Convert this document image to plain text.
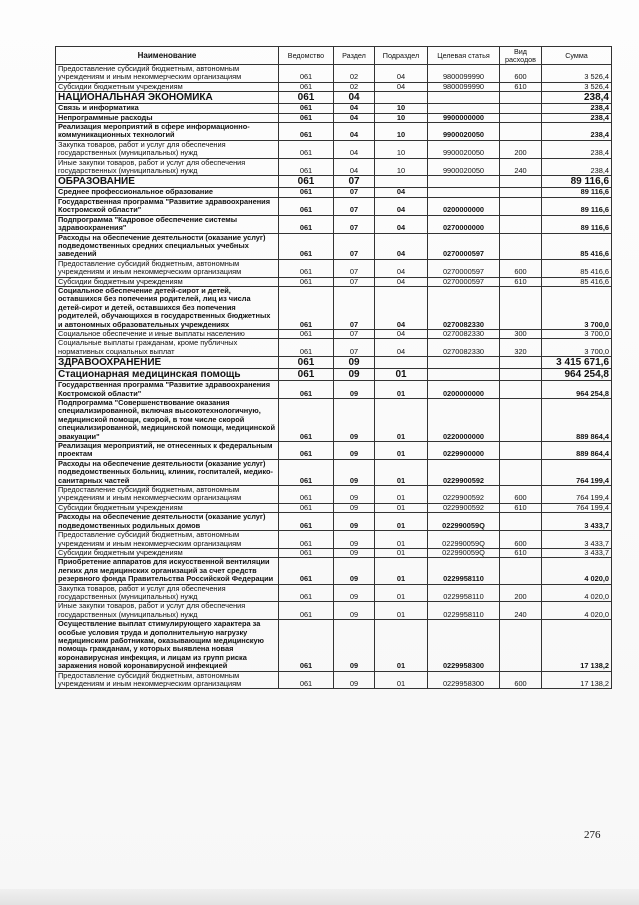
Наименование	Ведомство	Раздел	Подраздел	Целевая статья	Вид расходов	Сумма
Предоставление субсидий бюджетным, автономным учреждениям и иным некоммерческим организациям	061	02	04	9800099990	600	3 526,4
Субсидии бюджетным учреждениям	061	02	04	9800099990	610	3 526,4
НАЦИОНАЛЬНАЯ ЭКОНОМИКА	061	04				238,4
Связь и информатика	061	04	10			238,4
Непрограммные расходы	061	04	10	9900000000		238,4
Реализация мероприятий в сфере информационно-коммуникационных технологий	061	04	10	9900020050		238,4
Закупка товаров, работ и услуг для обеспечения государственных (муниципальных) нужд	061	04	10	9900020050	200	238,4
Иные закупки товаров, работ и услуг для обеспечения государственных (муниципальных) нужд	061	04	10	9900020050	240	238,4
ОБРАЗОВАНИЕ	061	07				89 116,6
Среднее профессиональное образование	061	07	04			89 116,6
Государственная программа "Развитие здравоохранения Костромской области"	061	07	04	0200000000		89 116,6
Подпрограмма "Кадровое обеспечение системы здравоохранения"	061	07	04	0270000000		89 116,6
Расходы на обеспечение деятельности (оказание услуг) подведомственных средних специальных учебных заведений	061	07	04	0270000597		85 416,6
Предоставление субсидий бюджетным, автономным учреждениям и иным некоммерческим организациям	061	07	04	0270000597	600	85 416,6
Субсидии бюджетным учреждениям	061	07	04	0270000597	610	85 416,6
Социальное обеспечение детей-сирот и детей, оставшихся без попечения родителей, лиц из числа детей-сирот и детей, оставшихся без попечения родителей, обучающихся в государственных бюджетных и автономных образовательных учреждениях	061	07	04	0270082330		3 700,0
Социальное обеспечение и иные выплаты населению	061	07	04	0270082330	300	3 700,0
Социальные выплаты гражданам, кроме публичных нормативных социальных выплат	061	07	04	0270082330	320	3 700,0
ЗДРАВООХРАНЕНИЕ	061	09				3 415 671,6
Стационарная медицинская помощь	061	09	01			964 254,8
Государственная программа "Развитие здравоохранения Костромской области"	061	09	01	0200000000		964 254,8
Подпрограмма "Совершенствование оказания специализированной, включая высокотехнологичную, медицинской помощи, скорой, в том числе скорой специализированной, медицинской помощи, медицинской эвакуации"	061	09	01	0220000000		889 864,4
Реализация мероприятий, не отнесенных к федеральным проектам	061	09	01	0229900000		889 864,4
Расходы на обеспечение деятельности (оказание услуг) подведомственных больниц, клиник, госпиталей, медико-санитарных частей	061	09	01	0229900592		764 199,4
Предоставление субсидий бюджетным, автономным учреждениям и иным некоммерческим организациям	061	09	01	0229900592	600	764 199,4
Субсидии бюджетным учреждениям	061	09	01	0229900592	610	764 199,4
Расходы на обеспечение деятельности (оказание услуг) подведомственных родильных домов	061	09	01	022990059Q		3 433,7
Предоставление субсидий бюджетным, автономным учреждениям и иным некоммерческим организациям	061	09	01	022990059Q	600	3 433,7
Субсидии бюджетным учреждениям	061	09	01	022990059Q	610	3 433,7
Приобретение аппаратов для искусственной вентиляции легких для медицинских организаций за счет средств резервного фонда Правительства Российской Федерации	061	09	01	0229958110		4 020,0
Закупка товаров, работ и услуг для обеспечения государственных (муниципальных) нужд	061	09	01	0229958110	200	4 020,0
Иные закупки товаров, работ и услуг для обеспечения государственных (муниципальных) нужд	061	09	01	0229958110	240	4 020,0
Осуществление выплат стимулирующего характера за особые условия труда и дополнительную нагрузку медицинским работникам, оказывающим медицинскую помощь гражданам, у которых выявлена новая коронавирусная инфекция, и лицам из групп риска заражения новой коронавирусной инфекцией	061	09	01	0229958300		17 138,2
Предоставление субсидий бюджетным, автономным учреждениям и иным некоммерческим организациям	061	09	01	0229958300	600	17 138,2
276
